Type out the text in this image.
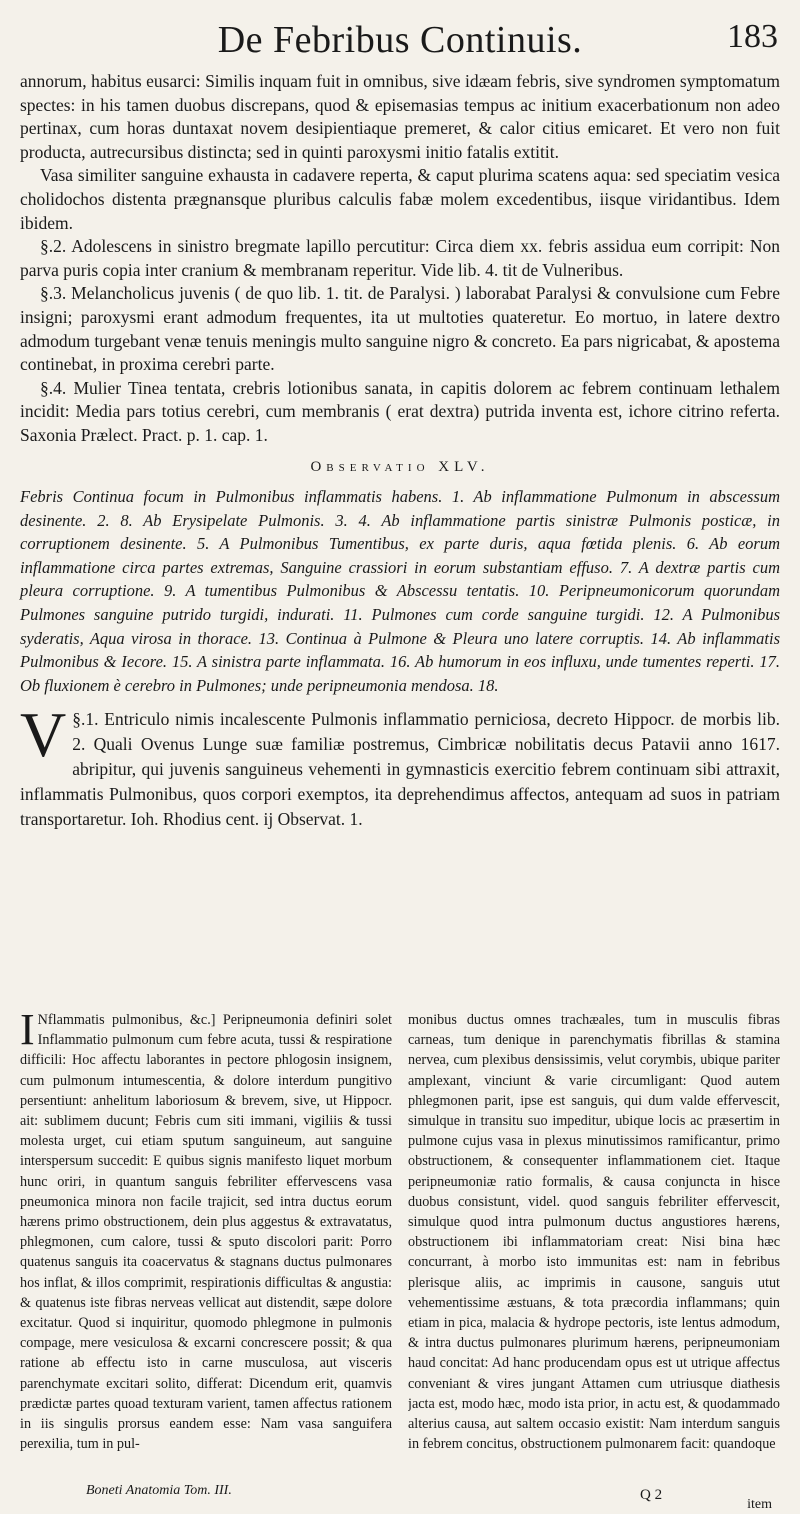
De Febribus Continuis.	183

annorum, habitus eusarci: Similis inquam fuit in omnibus, sive idæam febris, sive syndromen symptomatum spectes: in his tamen duobus discrepans, quod & episemasias tempus ac initium exacerbationum non adeo pertinax, cum horas duntaxat novem desipientiaque premeret, & calor citius emicaret. Et vero non fuit producta, autrecursibus distincta; sed in quinti paroxysmi initio fatalis extitit.

Vasa similiter sanguine exhausta in cadavere reperta, & caput plurima scatens aqua: sed speciatim vesica cholidochos distenta prægnansque pluribus calculis fabæ molem excedentibus, iisque viridantibus. Idem ibidem.

§.2. Adolescens in sinistro bregmate lapillo percutitur: Circa diem xx. febris assidua eum corripit: Non parva puris copia inter cranium & membranam reperitur. Vide lib. 4. tit de Vulneribus.

§.3. Melancholicus juvenis ( de quo lib. 1. tit. de Paralysi. ) laborabat Paralysi & convulsione cum Febre insigni; paroxysmi erant admodum frequentes, ita ut multoties quateretur. Eo mortuo, in latere dextro admodum turgebant venæ tenuis meningis multo sanguine nigro & concreto. Ea pars nigricabat, & apostema continebat, in proxima cerebri parte.

§.4. Mulier Tinea tentata, crebris lotionibus sanata, in capitis dolorem ac febrem continuam lethalem incidit: Media pars totius cerebri, cum membranis ( erat dextra) putrida inventa est, ichore citrino referta. Saxonia Prælect. Pract. p. 1. cap. 1.

Observatio XLV.

Febris Continua focum in Pulmonibus inflammatis habens. 1. Ab inflammatione Pulmonum in abscessum desinente. 2. 8. Ab Erysipelate Pulmonis. 3. 4. Ab inflammatione partis sinistræ Pulmonis posticæ, in corruptionem desinente. 5. A Pulmonibus Tumentibus, ex parte duris, aqua fœtida plenis. 6. Ab eorum inflammatione circa partes extremas, Sanguine crassiori in eorum substantiam effuso. 7. A dextræ partis cum pleura corruptione. 9. A tumentibus Pulmonibus & Abscessu tentatis. 10. Peripneumonicorum quorundam Pulmones sanguine putrido turgidi, indurati. 11. Pulmones cum corde sanguine turgidi. 12. A Pulmonibus syderatis, Aqua virosa in thorace. 13. Continua à Pulmone & Pleura uno latere corruptis. 14. Ab inflammatis Pulmonibus & Iecore. 15. A sinistra parte inflammata. 16. Ab humorum in eos influxu, unde tumentes reperti. 17. Ob fluxionem è cerebro in Pulmones; unde peripneumonia mendosa. 18.

§.1.
V Entriculo nimis incalescente Pulmonis inflammatio perniciosa, decreto Hippocr. de morbis lib. 2. Quali Ovenus Lunge suæ familiæ postremus, Cimbricæ nobilitatis decus Patavii anno 1617. abripitur, qui juvenis sanguineus vehementi in gymnasticis exercitio febrem continuam sibi attraxit, inflammatis Pulmonibus, quos corpori exemptos, ita deprehendimus affectos, antequam ad suos in patriam transportaretur. Ioh. Rhodius cent. ij Observat. 1.

I Nflammatis pulmonibus, &c.] Peripneumonia definiri solet Inflammatio pulmonum cum febre acuta, tussi & respiratione difficili: Hoc affectu laborantes in pectore phlogosin insignem, cum pulmonum intumescentia, & dolore interdum pungitivo persentiunt: anhelitum laboriosum & brevem, sive, ut Hippocr. ait: sublimem ducunt; Febris cum siti immani, vigiliis & tussi molesta urget, cui etiam sputum sanguineum, aut sanguine interspersum succedit: E quibus signis manifesto liquet morbum hunc oriri, in quantum sanguis febriliter effervescens vasa pneumonica minora non facile trajicit, sed intra ductus eorum hærens primo obstructionem, dein plus aggestus & extravatatus, phlegmonen, cum calore, tussi & sputo discolori parit: Porro quatenus sanguis ita coacervatus & stagnans ductus pulmonares hos inflat, & illos comprimit, respirationis difficultas & angustia: & quatenus iste fibras nerveas vellicat aut distendit, sæpe dolore excitatur. Quod si inquiritur, quomodo phlegmone in pulmonis compage, mere vesiculosa & excarni concrescere possit; & qua ratione ab effectu isto in carne musculosa, aut visceris parenchymate excitari solito, differat: Dicendum erit, quamvis prædictæ partes quoad texturam varient, tamen affectus rationem in iis singulis prorsus eandem esse: Nam vasa sanguifera perexilia, tum in pul-

monibus ductus omnes trachæales, tum in musculis fibras carneas, tum denique in parenchymatis fibrillas & stamina nervea, cum plexibus densissimis, velut corymbis, ubique pariter amplexant, vinciunt & varie circumligant: Quod autem phlegmonen parit, ipse est sanguis, qui dum valde effervescit, simulque in transitu suo impeditur, ubique locis ac præsertim in pulmone cujus vasa in plexus minutissimos ramificantur, primo obstructionem, & consequenter inflammationem ciet. Itaque peripneumoniæ ratio formalis, & causa conjuncta in hisce duobus consistunt, videl. quod sanguis febriliter effervescit, simulque quod intra pulmonum ductus angustiores hærens, obstructionem ibi inflammatoriam creat: Nisi bina hæc concurrant, à morbo isto immunitas est: nam in febribus plerisque aliis, ac imprimis in causone, sanguis utut vehementissime æstuans, & tota præcordia inflammans; quin etiam in pica, malacia & hydrope pectoris, iste lentus admodum, & intra ductus pulmonares plurimum hærens, peripneumoniam haud concitat: Ad hanc producendam opus est ut utrique affectus conveniant & vires jungant Attamen cum utriusque diathesis jacta est, modo hæc, modo ista prior, in actu est, & quodammado alterius causa, aut saltem occasio existit: Nam interdum sanguis in febrem concitus, obstructionem pulmonarem facit: quandoque

Boneti Anatomia Tom. III.	Q 2
item
